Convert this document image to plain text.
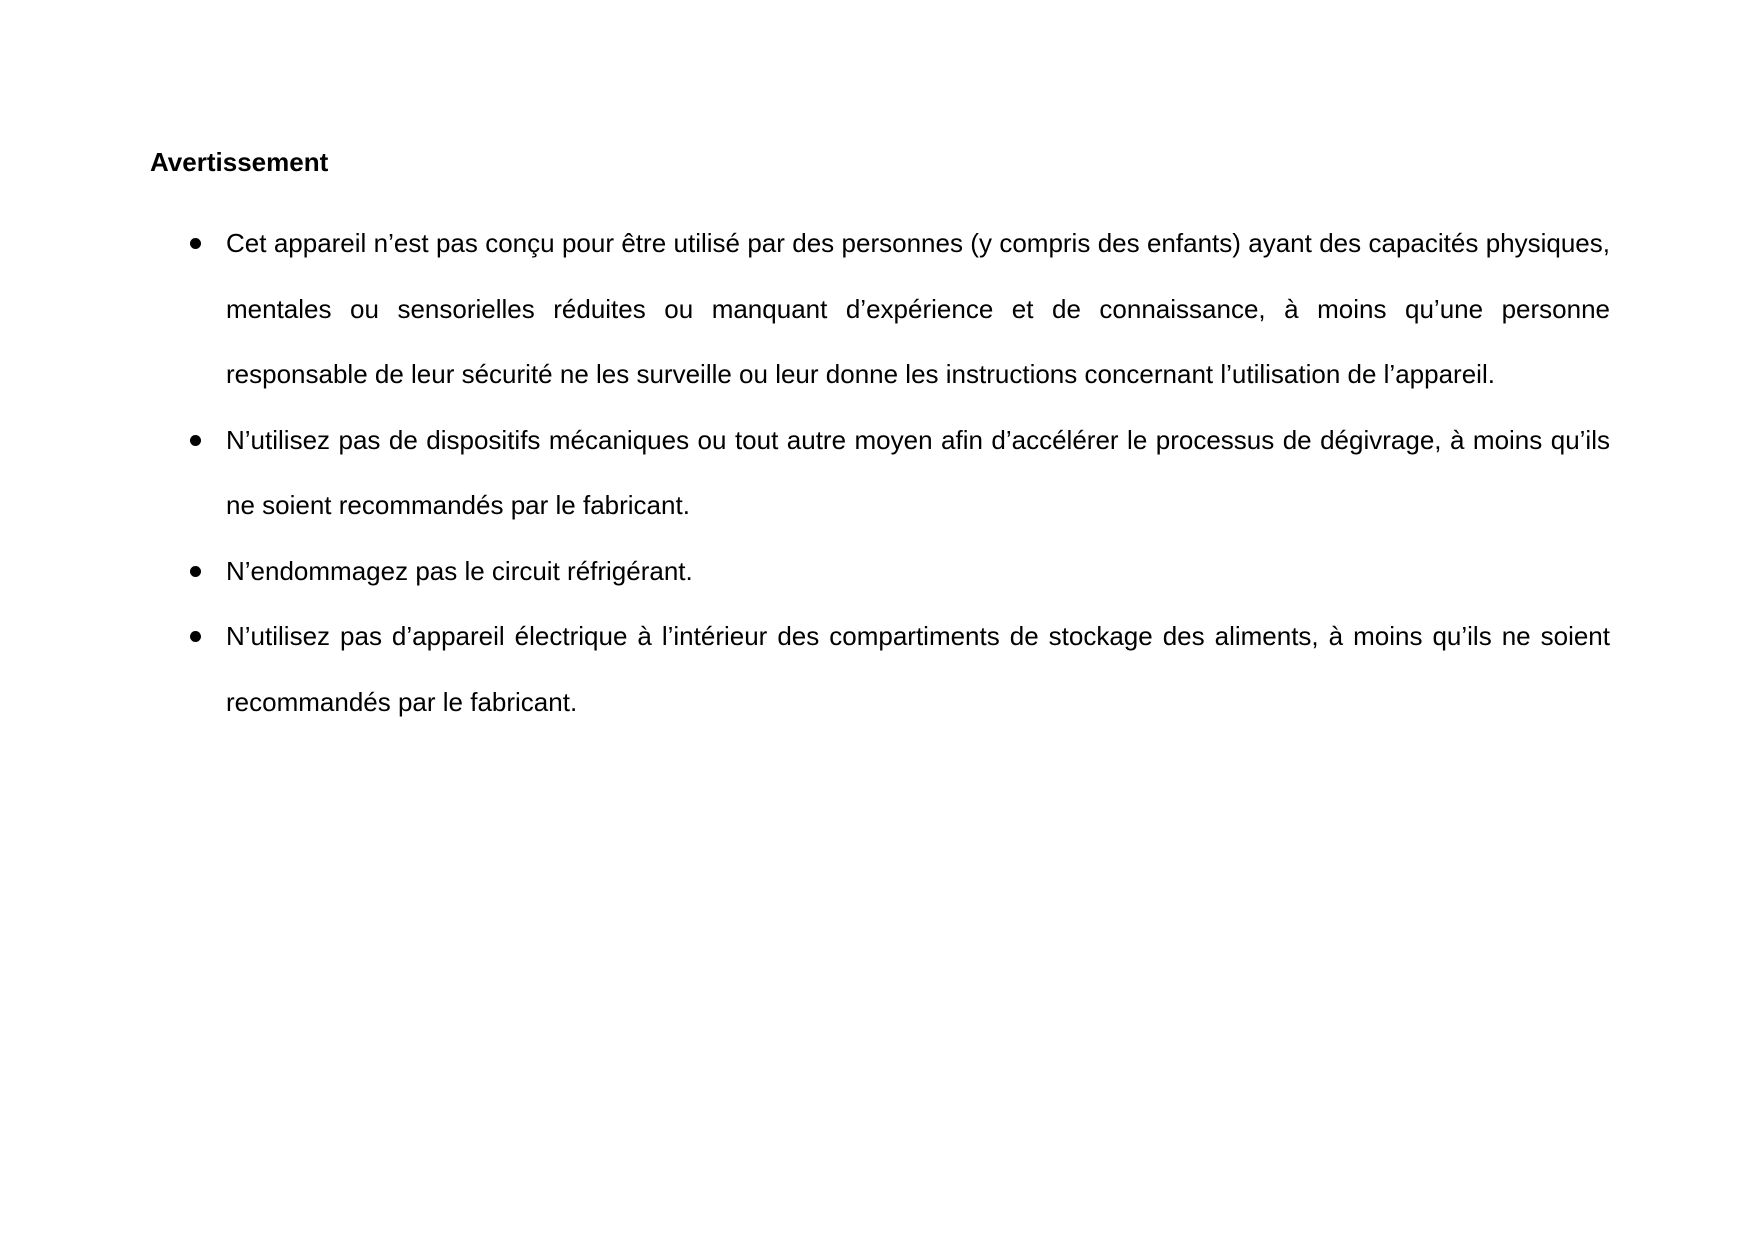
Avertissement
Cet appareil n’est pas conçu pour être utilisé par des personnes (y compris des enfants) ayant des capacités physiques, mentales ou sensorielles réduites ou manquant d’expérience et de connaissance, à moins qu’une personne responsable de leur sécurité ne les surveille ou leur donne les instructions concernant l’utilisation de l’appareil.
N’utilisez pas de dispositifs mécaniques ou tout autre moyen afin d’accélérer le processus de dégivrage, à moins qu’ils ne soient recommandés par le fabricant.
N’endommagez pas le circuit réfrigérant.
N’utilisez pas d’appareil électrique à l’intérieur des compartiments de stockage des aliments, à moins qu’ils ne soient recommandés par le fabricant.
